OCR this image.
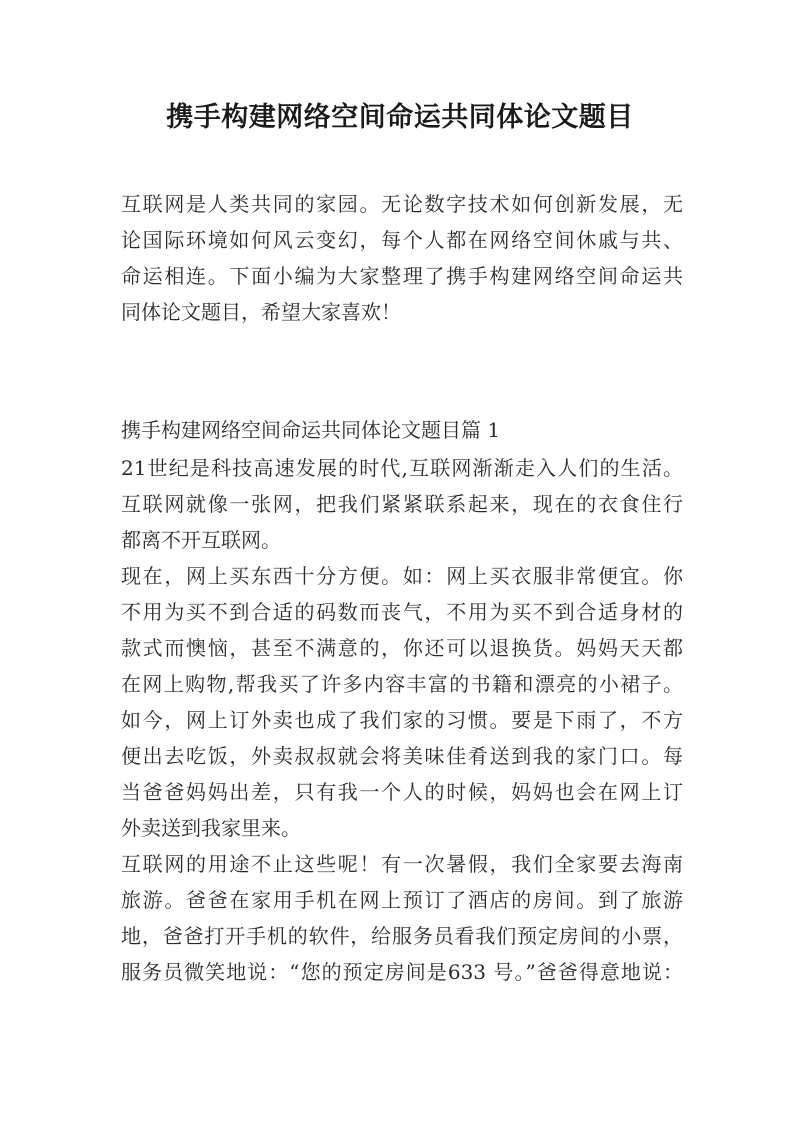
携手构建网络空间命运共同体论文题目
互联网是人类共同的家园。无论数字技术如何创新发展，无
论国际环境如何风云变幻，每个人都在网络空间休戚与共、
命运相连。下面小编为大家整理了携手构建网络空间命运共
同体论文题目，希望大家喜欢！
携手构建网络空间命运共同体论文题目篇 1
21世纪是科技高速发展的时代,互联网渐渐走入人们的生活。
互联网就像一张网，把我们紧紧联系起来，现在的衣食住行
都离不开互联网。
现在，网上买东西十分方便。如：网上买衣服非常便宜。你
不用为买不到合适的码数而丧气，不用为买不到合适身材的
款式而懊恼，甚至不满意的，你还可以退换货。妈妈天天都
在网上购物,帮我买了许多内容丰富的书籍和漂亮的小裙子。
如今，网上订外卖也成了我们家的习惯。要是下雨了，不方
便出去吃饭，外卖叔叔就会将美味佳肴送到我的家门口。每
当爸爸妈妈出差，只有我一个人的时候，妈妈也会在网上订
外卖送到我家里来。
互联网的用途不止这些呢！有一次暑假，我们全家要去海南
旅游。爸爸在家用手机在网上预订了酒店的房间。到了旅游
地，爸爸打开手机的软件，给服务员看我们预定房间的小票，
服务员微笑地说：“您的预定房间是633 号。”爸爸得意地说：
